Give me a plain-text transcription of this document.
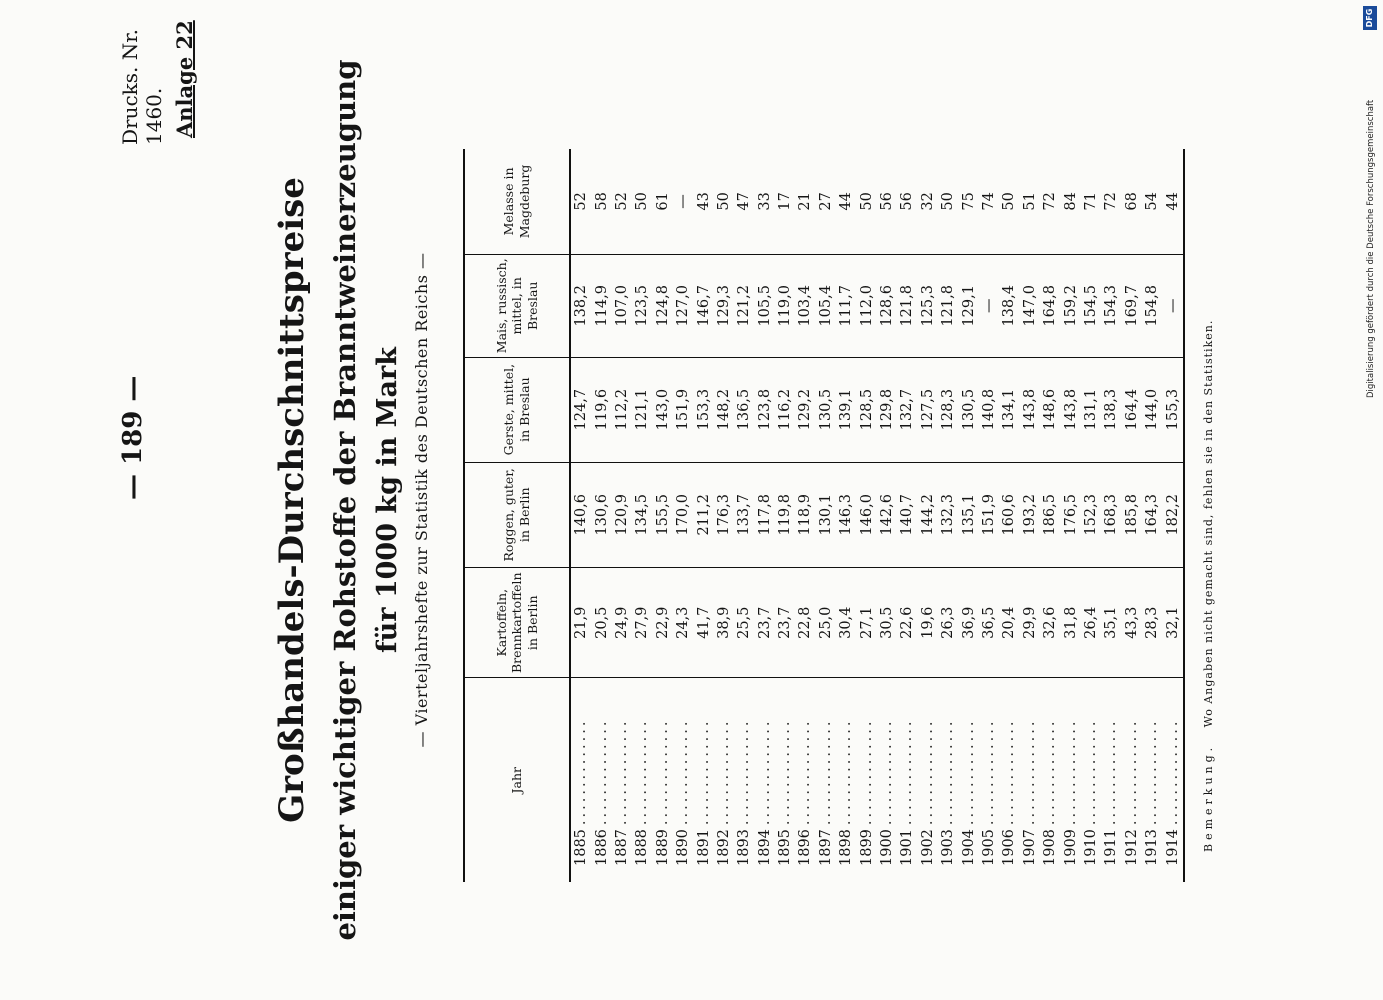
— 189 —
Drucks. Nr. 1460. Anlage 22
Großhandels-Durchschnittspreise einiger wichtiger Rohstoffe der Branntweinerzeugung für 1000 kg in Mark — Vierteljahrshefte zur Statistik des Deutschen Reichs —
Jahr	Kartoffeln, Brennkartoffeln in Berlin	Roggen, guter, in Berlin	Gerste, mittel, in Breslau	Mais, russisch, mittel, in Breslau	Melasse in Magdeburg
1885..............	21,9	140,6	124,7	138,2	52
1886..............	20,5	130,6	119,6	114,9	58
1887..............	24,9	120,9	112,2	107,0	52
1888..............	27,9	134,5	121,1	123,5	50
1889..............	22,9	155,5	143,0	124,8	61
1890..............	24,3	170,0	151,9	127,0	—
1891..............	41,7	211,2	153,3	146,7	43
1892..............	38,9	176,3	148,2	129,3	50
1893..............	25,5	133,7	136,5	121,2	47
1894..............	23,7	117,8	123,8	105,5	33
1895..............	23,7	119,8	116,2	119,0	17
1896..............	22,8	118,9	129,2	103,4	21
1897..............	25,0	130,1	130,5	105,4	27
1898..............	30,4	146,3	139,1	111,7	44
1899..............	27,1	146,0	128,5	112,0	50
1900..............	30,5	142,6	129,8	128,6	56
1901..............	22,6	140,7	132,7	121,8	56
1902..............	19,6	144,2	127,5	125,3	32
1903..............	26,3	132,3	128,3	121,8	50
1904..............	36,9	135,1	130,5	129,1	75
1905..............	36,5	151,9	140,8	—	74
1906..............	20,4	160,6	134,1	138,4	50
1907..............	29,9	193,2	143,8	147,0	51
1908..............	32,6	186,5	148,6	164,8	72
1909..............	31,8	176,5	143,8	159,2	84
1910..............	26,4	152,3	131,1	154,5	71
1911..............	35,1	168,3	138,3	154,3	72
1912..............	43,3	185,8	164,4	169,7	68
1913..............	28,3	164,3	144,0	154,8	54
1914..............	32,1	182,2	155,3	—	44
Bemerkung. Wo Angaben nicht gemacht sind, fehlen sie in den Statistiken.
Digitalisierung gefördert durch die Deutsche Forschungsgemeinschaft
DFG
